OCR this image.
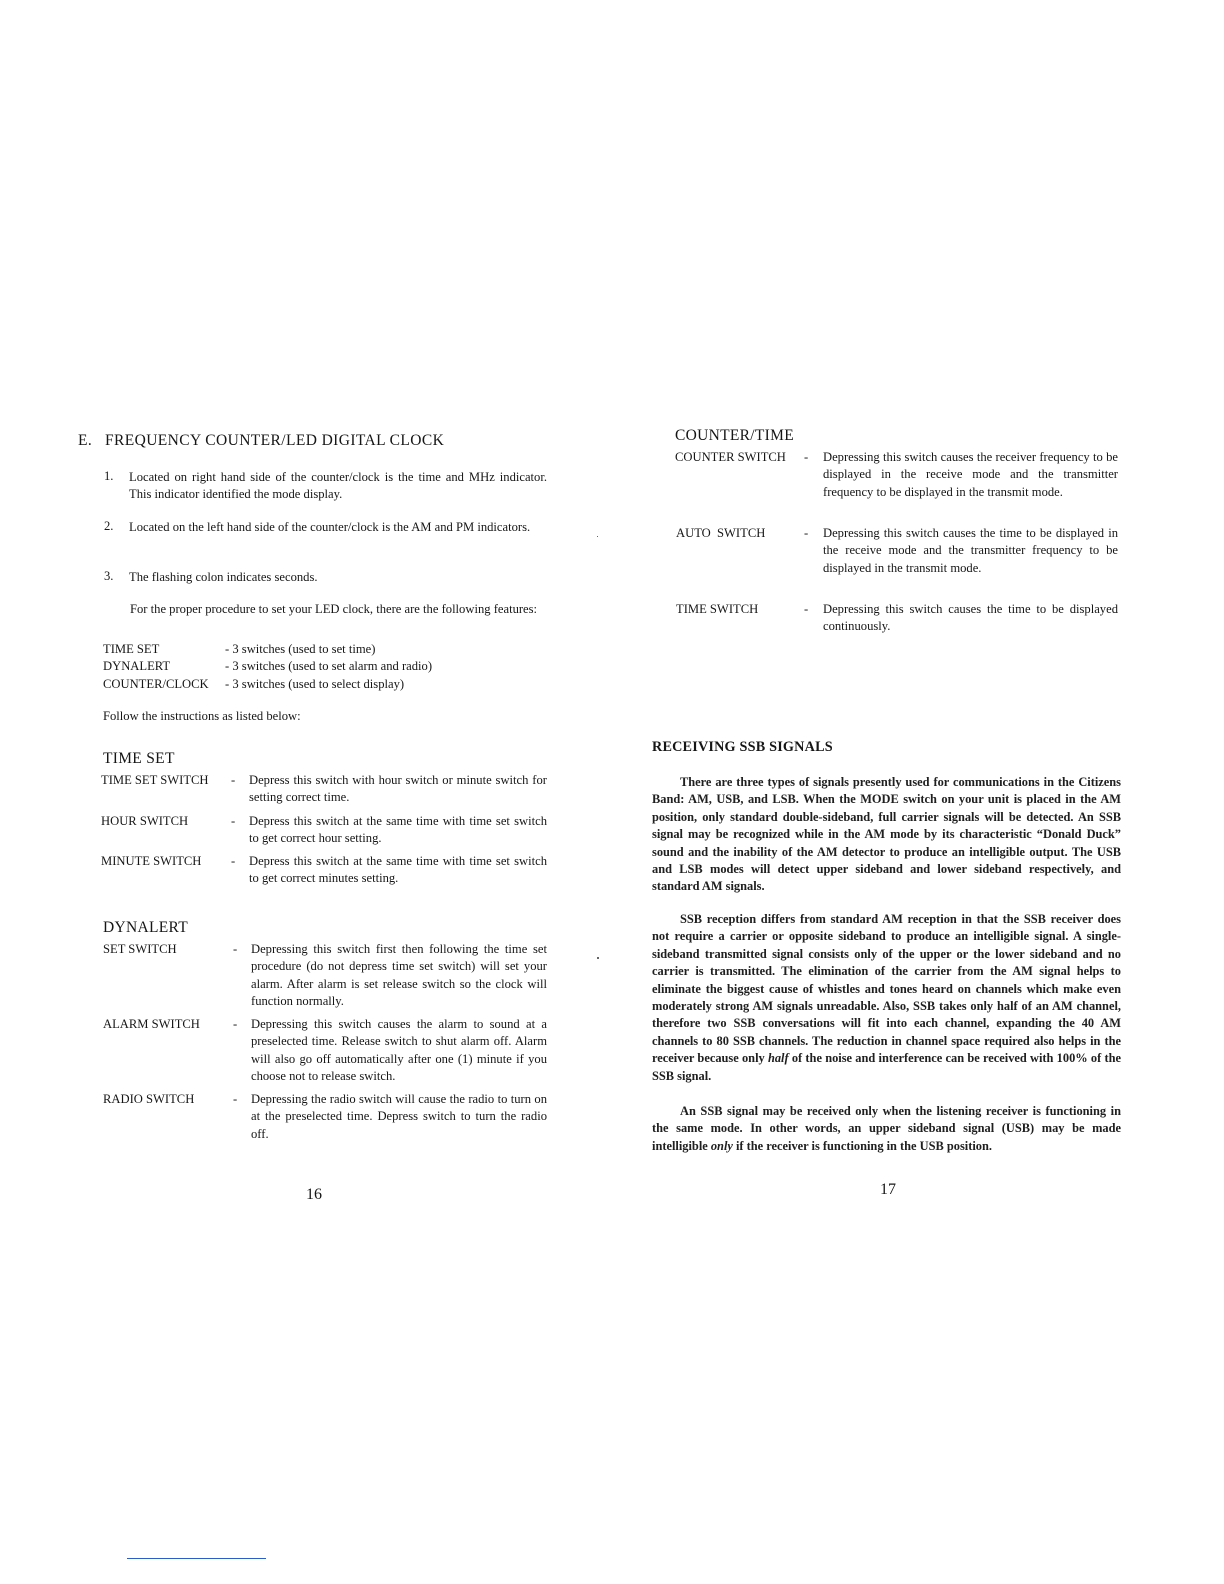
E.   FREQUENCY COUNTER/LED DIGITAL CLOCK
1. Located on right hand side of the counter/clock is the time and MHz indicator. This indicator identified the mode display.

2. Located on the left hand side of the counter/clock is the AM and PM indicators.

3. The flashing colon indicates seconds.

For the proper procedure to set your LED clock, there are the following features:

TIME SET	- 3 switches (used to set time)
DYNALERT	- 3 switches (used to set alarm and radio)
COUNTER/CLOCK - 3 switches (used to select display)
Follow the instructions as listed below:
TIME SET
TIME SET SWITCH - Depress this switch with hour switch or minute switch for setting correct time.
HOUR SWITCH	- Depress this switch at the same time with time set switch to get correct hour setting.
MINUTE SWITCH - Depress this switch at the same time with time set switch to get correct minutes setting.
DYNALERT
SET SWITCH	- Depressing this switch first then following the time set procedure (do not depress time set switch) will set your alarm. After alarm is set release switch so the clock will function normally.
ALARM SWITCH	- Depressing this switch causes the alarm to sound at a preselected time. Release switch to shut alarm off. Alarm will also go off automatically after one (1) minute if you choose not to release switch.
RADIO SWITCH	- Depressing the radio switch will cause the radio to turn on at the preselected time. Depress switch to turn the radio off.
16
COUNTER/TIME
COUNTER SWITCH - Depressing this switch causes the receiver frequency to be displayed in the receive mode and the transmitter frequency to be displayed in the transmit mode.
AUTO  SWITCH	- Depressing this switch causes the time to be displayed in the receive mode and the transmitter frequency to be displayed in the transmit mode.
TIME SWITCH	- Depressing this switch causes the time to be displayed continuously.
RECEIVING SSB SIGNALS

There are three types of signals presently used for communications in the Citizens Band: AM, USB, and LSB. When the MODE switch on your unit is placed in the AM position, only standard double-sideband, full carrier signals will be detected. An SSB signal may be recognized while in the AM mode by its characteristic “Donald Duck” sound and the inability of the AM detector to produce an intelligible output. The USB and LSB modes will detect upper sideband and lower sideband respectively, and standard AM signals.

SSB reception differs from standard AM reception in that the SSB receiver does not require a carrier or opposite sideband to produce an intelligible signal. A single-sideband transmitted signal consists only of the upper or the lower sideband and no carrier is transmitted. The elimination of the carrier from the AM signal helps to eliminate the biggest cause of whistles and tones heard on channels which make even moderately strong AM signals unreadable. Also, SSB takes only half of an AM channel, therefore two SSB conversations will fit into each channel, expanding the 40 AM channels to 80 SSB channels. The reduction in channel space required also helps in the receiver because only half of the noise and interference can be received with 100% of the SSB signal.

An SSB signal may be received only when the listening receiver is functioning in the same mode. In other words, an upper sideband signal (USB) may be made intelligible only if the receiver is functioning in the USB position.

17
